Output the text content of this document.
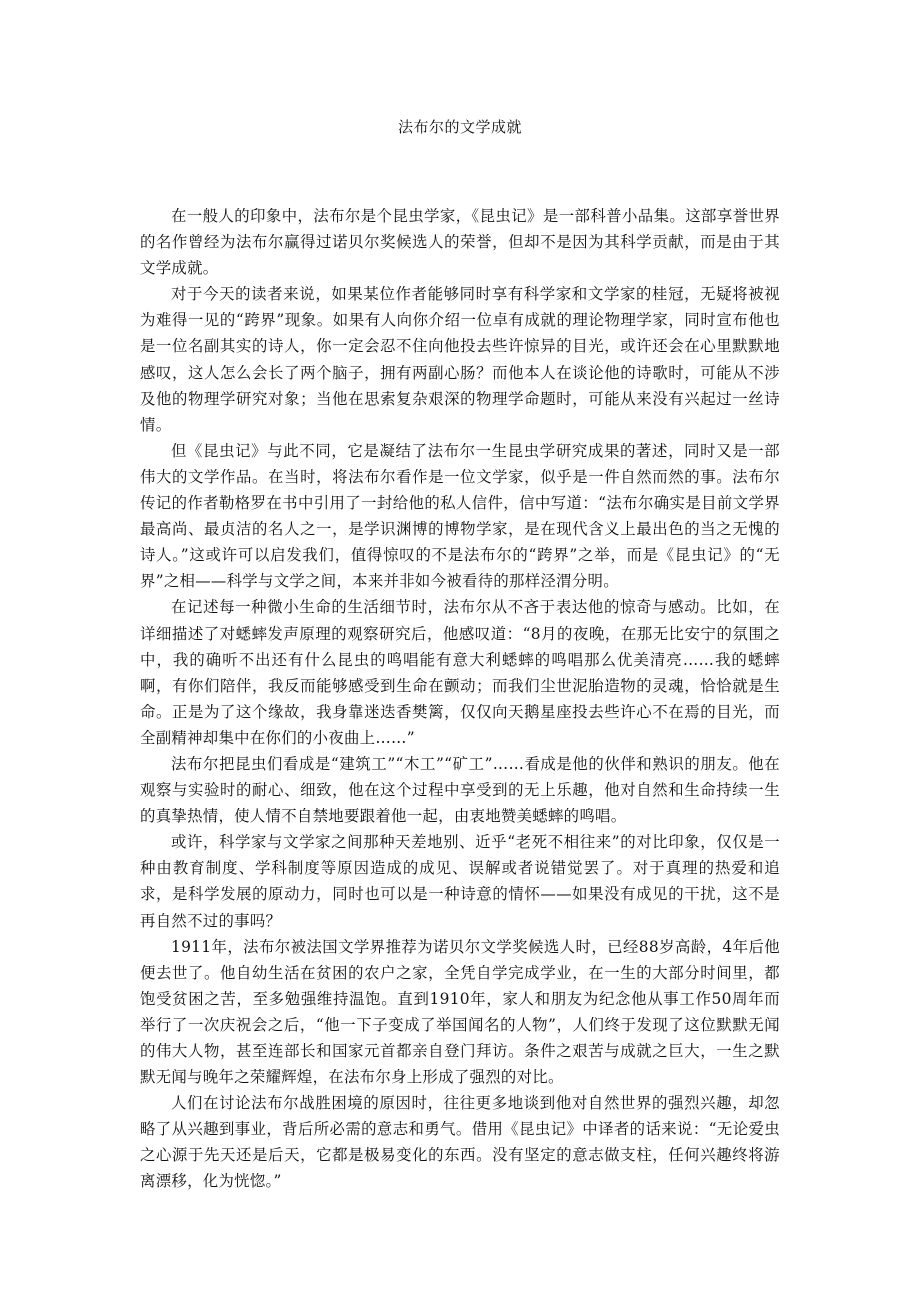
法布尔的文学成就

在一般人的印象中，法布尔是个昆虫学家，《昆虫记》是一部科普小品集。这部享誉世界的名作曾经为法布尔赢得过诺贝尔奖候选人的荣誉，但却不是因为其科学贡献，而是由于其文学成就。

对于今天的读者来说，如果某位作者能够同时享有科学家和文学家的桂冠，无疑将被视为难得一见的“跨界”现象。如果有人向你介绍一位卓有成就的理论物理学家，同时宣布他也是一位名副其实的诗人，你一定会忍不住向他投去些许惊异的目光，或许还会在心里默默地感叹，这人怎么会长了两个脑子，拥有两副心肠？而他本人在谈论他的诗歌时，可能从不涉及他的物理学研究对象；当他在思索复杂艰深的物理学命题时，可能从来没有兴起过一丝诗情。

但《昆虫记》与此不同，它是凝结了法布尔一生昆虫学研究成果的著述，同时又是一部伟大的文学作品。在当时，将法布尔看作是一位文学家，似乎是一件自然而然的事。法布尔传记的作者勒格罗在书中引用了一封给他的私人信件，信中写道：“法布尔确实是目前文学界最高尚、最贞洁的名人之一，是学识渊博的博物学家，是在现代含义上最出色的当之无愧的诗人。”这或许可以启发我们，值得惊叹的不是法布尔的“跨界”之举，而是《昆虫记》的“无界”之相——科学与文学之间，本来并非如今被看待的那样泾渭分明。

在记述每一种微小生命的生活细节时，法布尔从不吝于表达他的惊奇与感动。比如，在详细描述了对蟋蟀发声原理的观察研究后，他感叹道：“8月的夜晚，在那无比安宁的氛围之中，我的确听不出还有什么昆虫的鸣唱能有意大利蟋蟀的鸣唱那么优美清亮……我的蟋蟀啊，有你们陪伴，我反而能够感受到生命在颤动；而我们尘世泥胎造物的灵魂，恰恰就是生命。正是为了这个缘故，我身靠迷迭香樊篱，仅仅向天鹅星座投去些许心不在焉的目光，而全副精神却集中在你们的小夜曲上……”

法布尔把昆虫们看成是“建筑工”“木工”“矿工”……看成是他的伙伴和熟识的朋友。他在观察与实验时的耐心、细致，他在这个过程中享受到的无上乐趣，他对自然和生命持续一生的真挚热情，使人情不自禁地要跟着他一起，由衷地赞美蟋蟀的鸣唱。

或许，科学家与文学家之间那种天差地别、近乎“老死不相往来”的对比印象，仅仅是一种由教育制度、学科制度等原因造成的成见、误解或者说错觉罢了。对于真理的热爱和追求，是科学发展的原动力，同时也可以是一种诗意的情怀——如果没有成见的干扰，这不是再自然不过的事吗？

1911年，法布尔被法国文学界推荐为诺贝尔文学奖候选人时，已经88岁高龄，4年后他便去世了。他自幼生活在贫困的农户之家，全凭自学完成学业，在一生的大部分时间里，都饱受贫困之苦，至多勉强维持温饱。直到1910年，家人和朋友为纪念他从事工作50周年而举行了一次庆祝会之后，“他一下子变成了举国闻名的人物”，人们终于发现了这位默默无闻的伟大人物，甚至连部长和国家元首都亲自登门拜访。条件之艰苦与成就之巨大，一生之默默无闻与晚年之荣耀辉煌，在法布尔身上形成了强烈的对比。

人们在讨论法布尔战胜困境的原因时，往往更多地谈到他对自然世界的强烈兴趣，却忽略了从兴趣到事业，背后所必需的意志和勇气。借用《昆虫记》中译者的话来说：“无论爱虫之心源于先天还是后天，它都是极易变化的东西。没有坚定的意志做支柱，任何兴趣终将游离漂移，化为恍惚。”
